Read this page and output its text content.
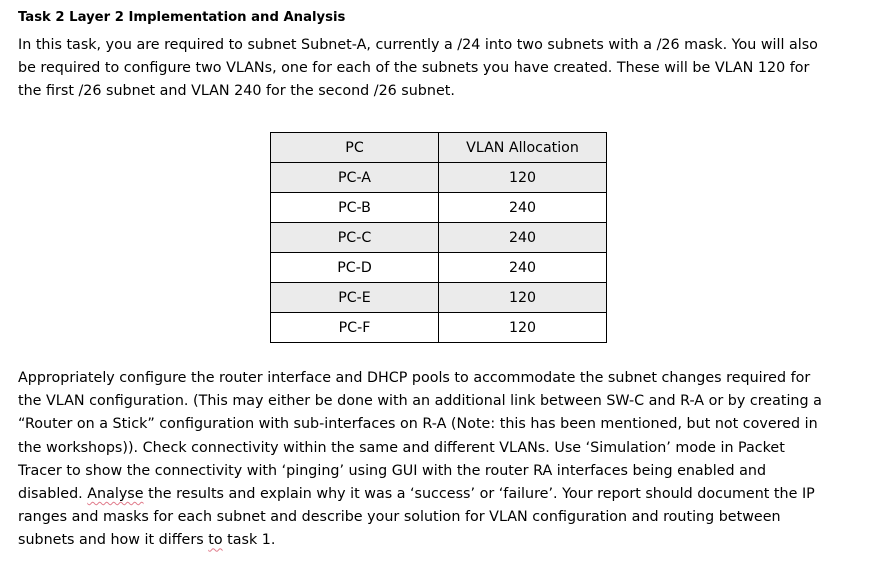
Task 2 Layer 2 Implementation and Analysis
In this task, you are required to subnet Subnet-A, currently a /24 into two subnets with a /26 mask. You will also
be required to configure two VLANs, one for each of the subnets you have created. These will be VLAN 120 for
the first /26 subnet and VLAN 240 for the second /26 subnet.
PC	VLAN Allocation
PC-A	120
PC-B	240
PC-C	240
PC-D	240
PC-E	120
PC-F	120
Appropriately configure the router interface and DHCP pools to accommodate the subnet changes required for
the VLAN configuration. (This may either be done with an additional link between SW-C and R-A or by creating a
“Router on a Stick” configuration with sub-interfaces on R-A (Note: this has been mentioned, but not covered in
the workshops)). Check connectivity within the same and different VLANs. Use ‘Simulation’ mode in Packet
Tracer to show the connectivity with ‘pinging’ using GUI with the router RA interfaces being enabled and
disabled. Analyse the results and explain why it was a ‘success’ or ‘failure’. Your report should document the IP
ranges and masks for each subnet and describe your solution for VLAN configuration and routing between
subnets and how it differs to task 1.
